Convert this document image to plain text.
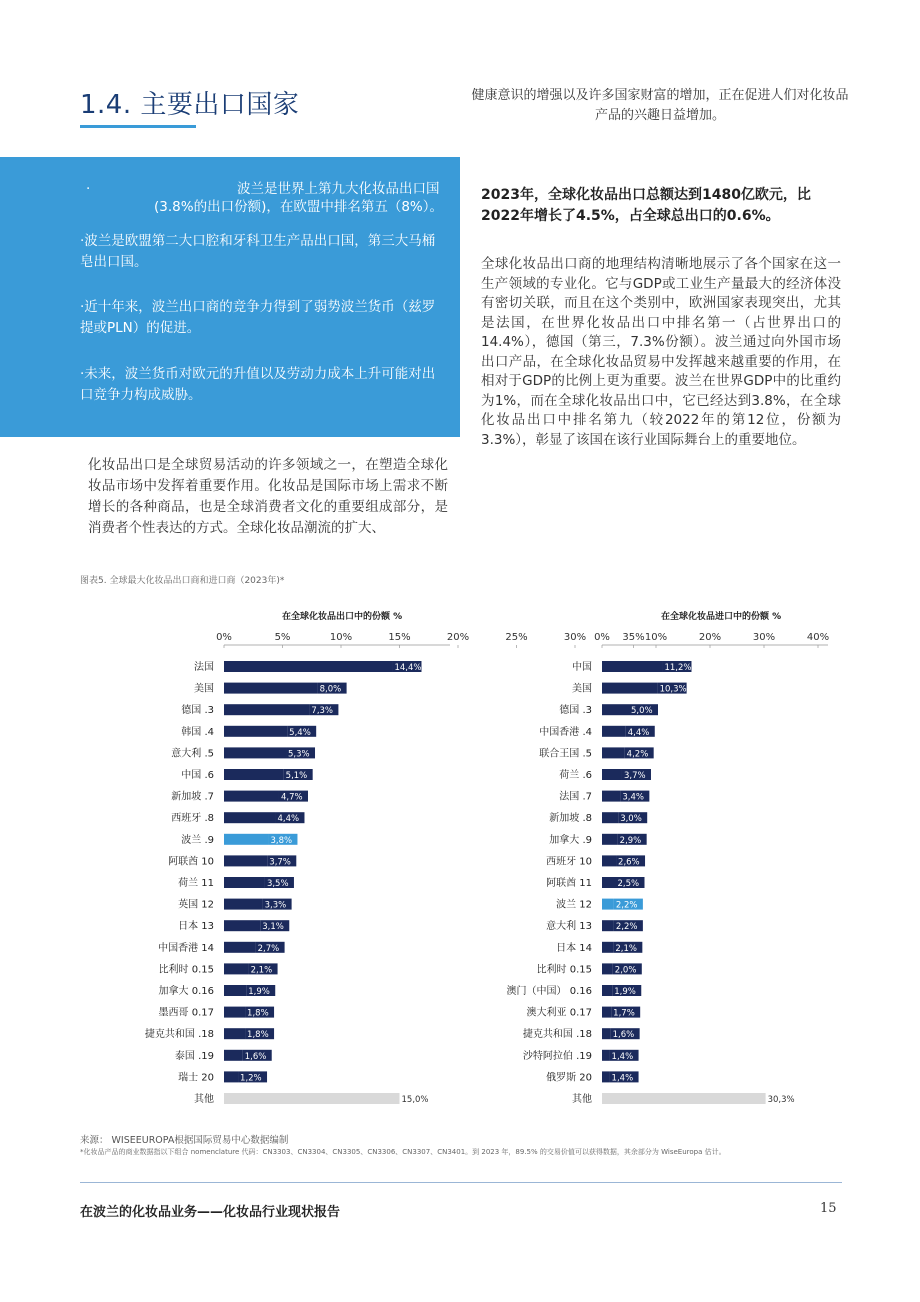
1.4. 主要出口国家	健康意识的增强以及许多国家财富的增加，正在促进人们对化妆品产品的兴趣日益增加。
·	波兰是世界上第九大化妆品出口国
(3.8%的出口份额)，在欧盟中排名第五（8%）。
·波兰是欧盟第二大口腔和牙科卫生产品出口国，第三大马桶皂出口国。
·近十年来，波兰出口商的竞争力得到了弱势波兰货币（兹罗提或PLN）的促进。
·未来，波兰货币对欧元的升值以及劳动力成本上升可能对出口竞争力构成威胁。
化妆品出口是全球贸易活动的许多领域之一，在塑造全球化妆品市场中发挥着重要作用。化妆品是国际市场上需求不断增长的各种商品，也是全球消费者文化的重要组成部分，是消费者个性表达的方式。全球化妆品潮流的扩大、
2023年，全球化妆品出口总额达到1480亿欧元，比2022年增长了4.5%，占全球总出口的0.6%。
全球化妆品出口商的地理结构清晰地展示了各个国家在这一生产领域的专业化。它与GDP或工业生产量最大的经济体没有密切关联，而且在这个类别中，欧洲国家表现突出，尤其是法国，在世界化妆品出口中排名第一（占世界出口的 14.4%），德国（第三，7.3%份额）。波兰通过向外国市场出口产品，在全球化妆品贸易中发挥越来越重要的作用，在相对于GDP的比例上更为重要。波兰在世界GDP中的比重约为1%，而在全球化妆品出口中，它已经达到3.8%，在全球化妆品出口中排名第九（较2022年的第12位，份额为3.3%），彰显了该国在该行业国际舞台上的重要地位。
图表5. 全球最大化妆品出口商和进口商（2023年)*
在全球化妆品出口中的份额 %
0%	5%	10%	15%	20%	25%	30%	35%
法国	14,4%
美国	8,0%
德国 .3	7,3%
韩国 .4	5,4%
意大利 .5	5,3%
中国 .6	5,1%
新加坡 .7	4,7%
西班牙 .8	4,4%
波兰 .9	3,8%
阿联酋 10	3,7%
荷兰 11	3,5%
英国 12	3,3%
日本 13	3,1%
中国香港 14	2,7%
比利时 0.15	2,1%
加拿大 0.16	1,9%
墨西哥 0.17	1,8%
捷克共和国 .18	1,8%
泰国 .19	1,6%
瑞士 20	1,2%
其他	15,0%
在全球化妆品进口中的份额 %
0%	10%	20%	30%	40%
中国	11,2%
美国	10,3%
德国 .3	5,0%
中国香港 .4	4,4%
联合王国 .5	4,2%
荷兰 .6	3,7%
法国 .7	3,4%
新加坡 .8	3,0%
加拿大 .9	2,9%
西班牙 10	2,6%
阿联酋 11	2,5%
波兰 12	2,2%
意大利 13	2,2%
日本 14	2,1%
比利时 0.15	2,0%
澳门（中国） 0.16	1,9%
澳大利亚 0.17 1,7%
捷克共和国 .18 1,6%
沙特阿拉伯 .19 1,4%
俄罗斯 20 1,4%
其他	30,3%
来源： WISEEUROPA根据国际贸易中心数据编制
*化妆品产品的商业数据指以下组合 nomenclature 代码：CN3303、CN3304、CN3305、CN3306、CN3307、CN3401。到 2023 年，89.5% 的交易价值可以获得数据，其余部分为 WiseEuropa 估计。
在波兰的化妆品业务——化妆品行业现状报告	15
